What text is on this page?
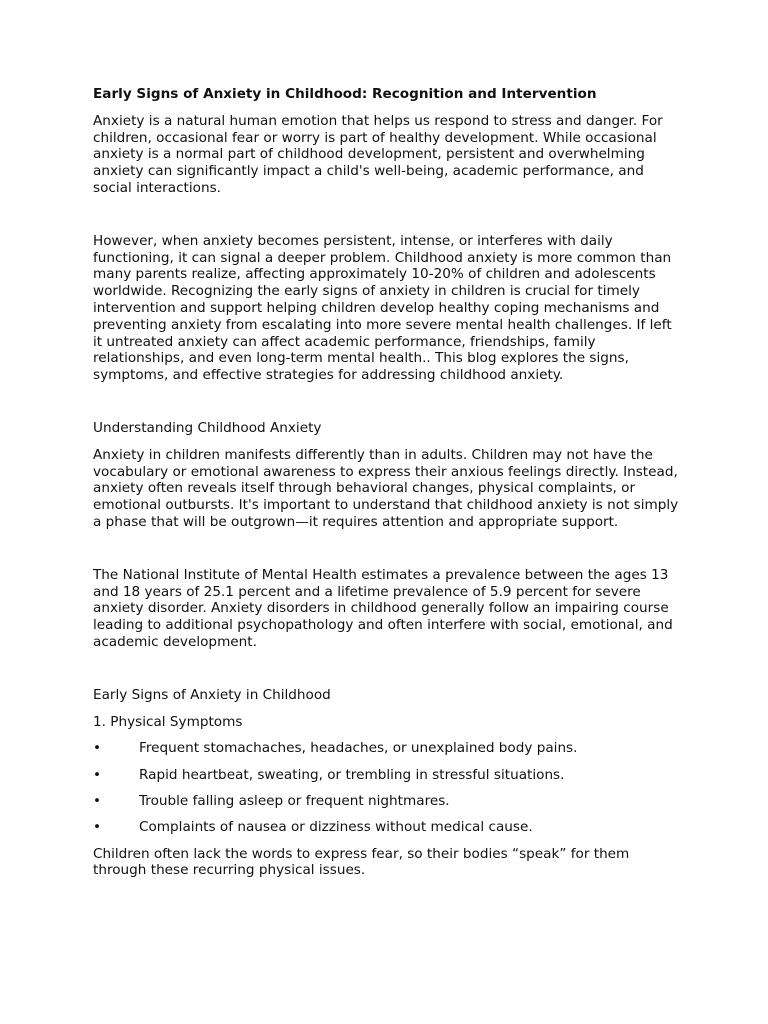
Early Signs of Anxiety in Childhood: Recognition and Intervention
Anxiety is a natural human emotion that helps us respond to stress and danger. For children, occasional fear or worry is part of healthy development. While occasional anxiety is a normal part of childhood development, persistent and overwhelming anxiety can significantly impact a child's well-being, academic performance, and social interactions.
However, when anxiety becomes persistent, intense, or interferes with daily functioning, it can signal a deeper problem. Childhood anxiety is more common than many parents realize, affecting approximately 10-20% of children and adolescents worldwide. Recognizing the early signs of anxiety in children is crucial for timely intervention and support helping children develop healthy coping mechanisms and preventing anxiety from escalating into more severe mental health challenges. If left it untreated anxiety can affect academic performance, friendships, family relationships, and even long-term mental health.. This blog explores the signs, symptoms, and effective strategies for addressing childhood anxiety.
Understanding Childhood Anxiety
Anxiety in children manifests differently than in adults. Children may not have the vocabulary or emotional awareness to express their anxious feelings directly. Instead, anxiety often reveals itself through behavioral changes, physical complaints, or emotional outbursts. It's important to understand that childhood anxiety is not simply a phase that will be outgrown—it requires attention and appropriate support.
The National Institute of Mental Health estimates a prevalence between the ages 13 and 18 years of 25.1 percent and a lifetime prevalence of 5.9 percent for severe anxiety disorder. Anxiety disorders in childhood generally follow an impairing course leading to additional psychopathology and often interfere with social, emotional, and academic development.
Early Signs of Anxiety in Childhood
1. Physical Symptoms
•	Frequent stomachaches, headaches, or unexplained body pains.
•	Rapid heartbeat, sweating, or trembling in stressful situations.
•	Trouble falling asleep or frequent nightmares.
•	Complaints of nausea or dizziness without medical cause.
Children often lack the words to express fear, so their bodies “speak” for them through these recurring physical issues.
